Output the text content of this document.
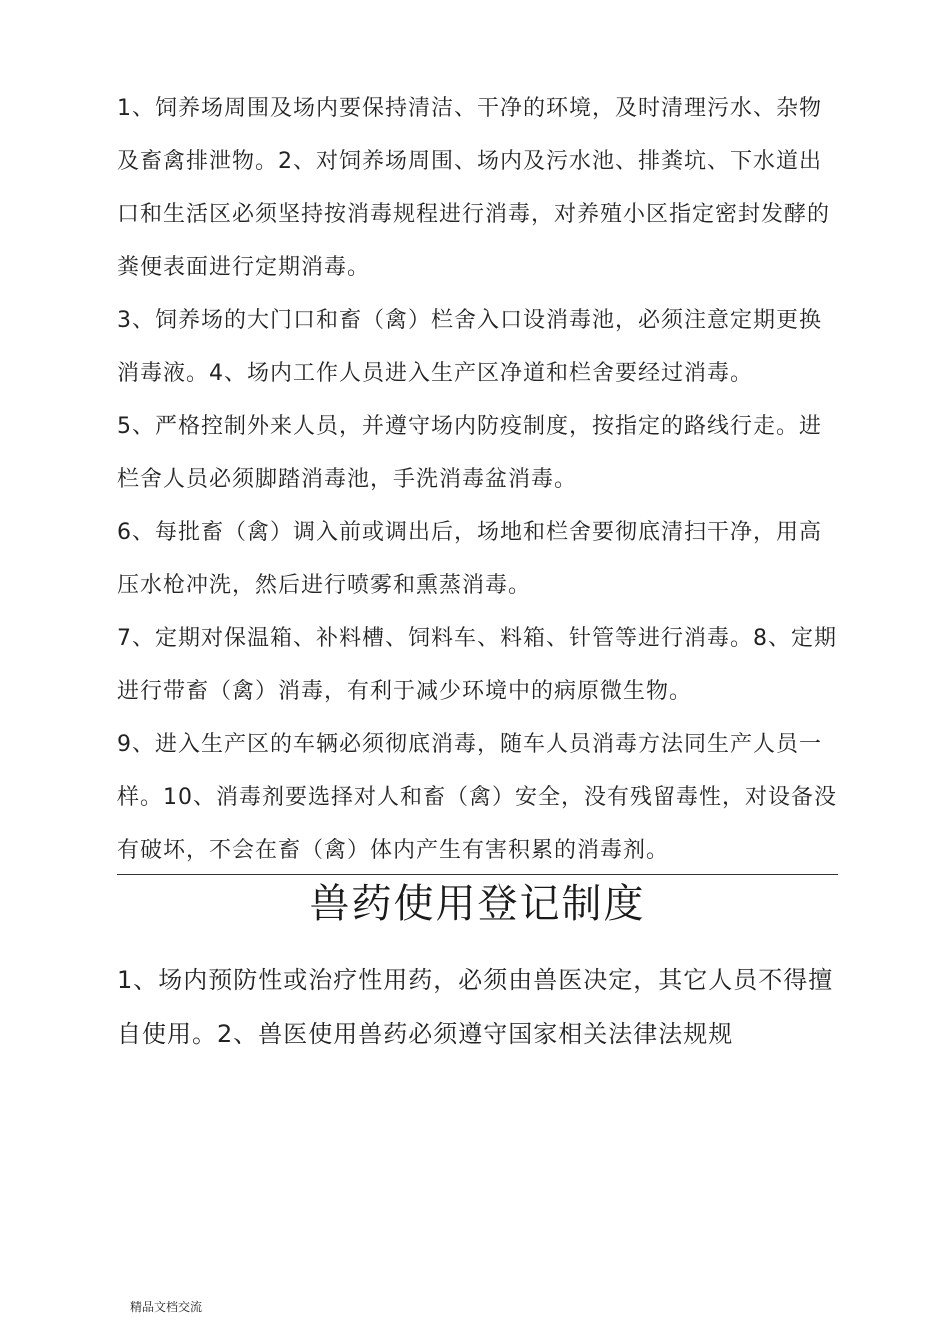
1、饲养场周围及场内要保持清洁、干净的环境，及时清理污水、杂物及畜禽排泄物。2、对饲养场周围、场内及污水池、排粪坑、下水道出口和生活区必须坚持按消毒规程进行消毒，对养殖小区指定密封发酵的粪便表面进行定期消毒。

3、饲养场的大门口和畜（禽）栏舍入口设消毒池，必须注意定期更换消毒液。4、场内工作人员进入生产区净道和栏舍要经过消毒。

5、严格控制外来人员，并遵守场内防疫制度，按指定的路线行走。进栏舍人员必须脚踏消毒池，手洗消毒盆消毒。

6、每批畜（禽）调入前或调出后，场地和栏舍要彻底清扫干净，用高压水枪冲洗，然后进行喷雾和熏蒸消毒。

7、定期对保温箱、补料槽、饲料车、料箱、针管等进行消毒。8、定期进行带畜（禽）消毒，有利于减少环境中的病原微生物。

9、进入生产区的车辆必须彻底消毒，随车人员消毒方法同生产人员一样。10、消毒剂要选择对人和畜（禽）安全，没有残留毒性，对设备没有破坏，不会在畜（禽）体内产生有害积累的消毒剂。

兽药使用登记制度

1、场内预防性或治疗性用药，必须由兽医决定，其它人员不得擅自使用。2、兽医使用兽药必须遵守国家相关法律法规规

精品文档交流
